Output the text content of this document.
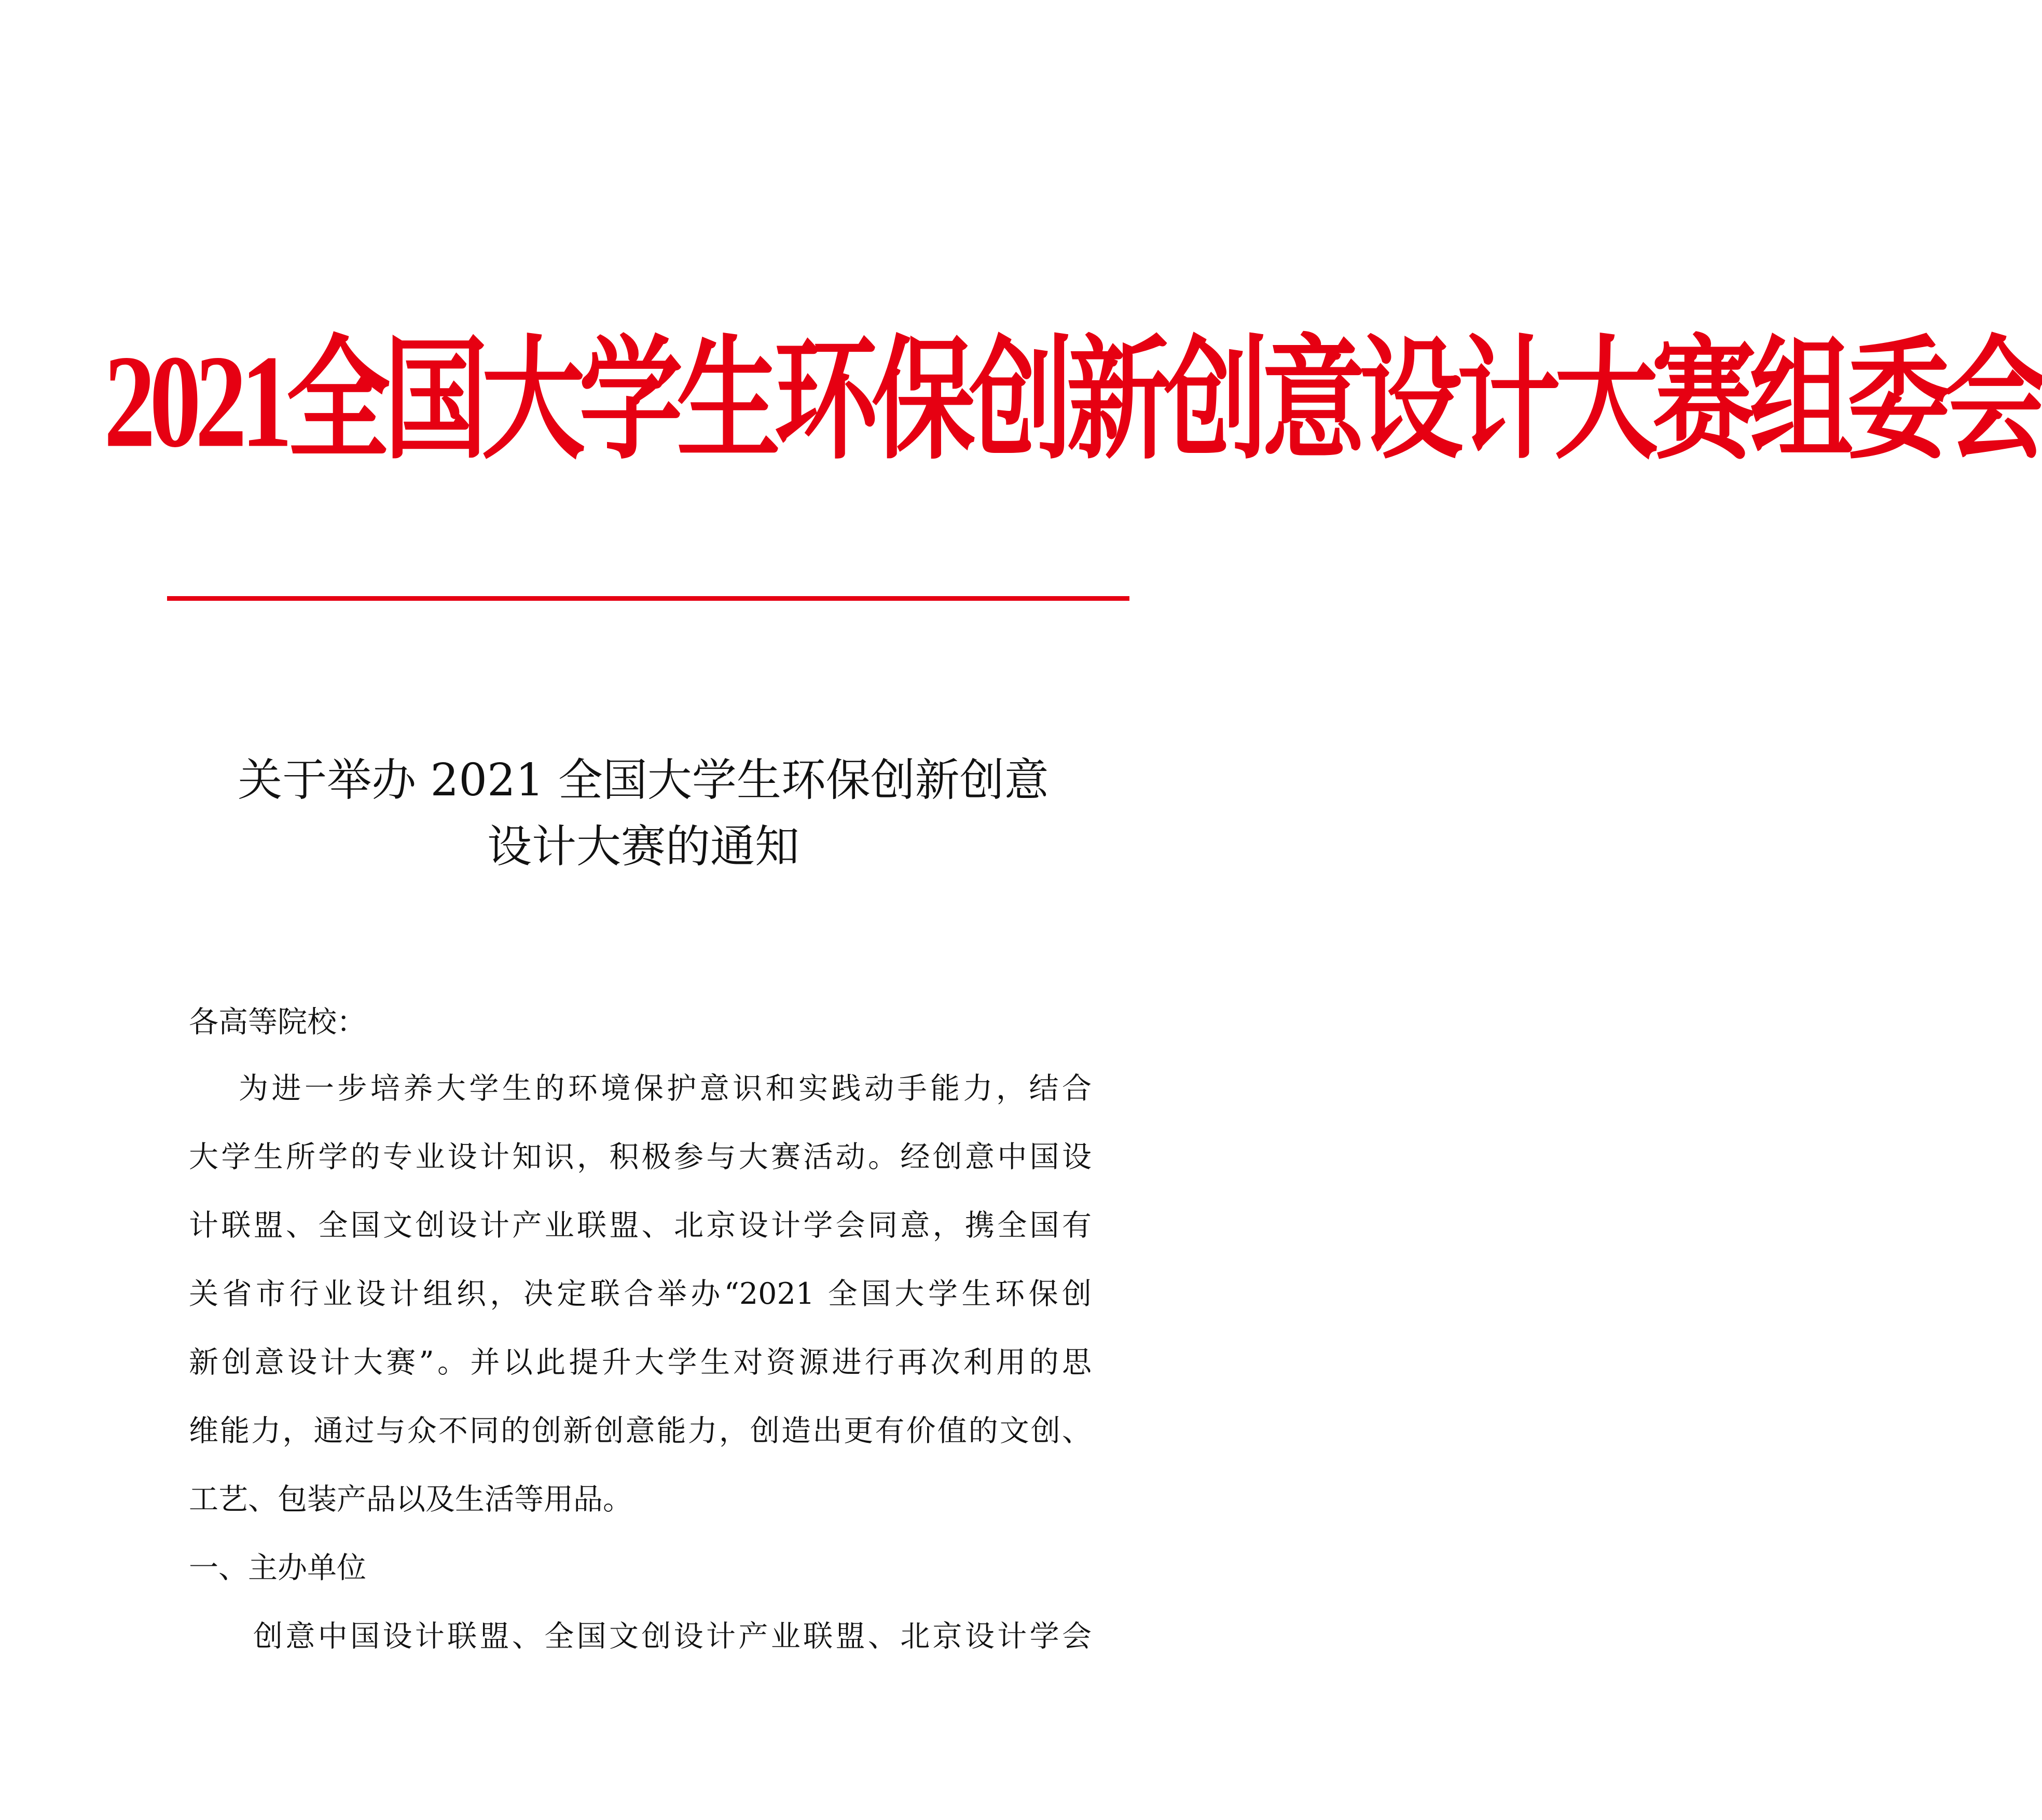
2021全国大学生环保创新创意设计大赛组委会
关于举办 2021 全国大学生环保创新创意
设计大赛的通知
各高等院校：
为进一步培养大学生的环境保护意识和实践动手能力，结合
大学生所学的专业设计知识，积极参与大赛活动。经创意中国设
计联盟、全国文创设计产业联盟、北京设计学会同意，携全国有
关省市行业设计组织，决定联合举办“2021 全国大学生环保创
新创意设计大赛”。并以此提升大学生对资源进行再次利用的思
维能力，通过与众不同的创新创意能力，创造出更有价值的文创、
工艺、包装产品以及生活等用品。
一、主办单位
创意中国设计联盟、全国文创设计产业联盟、北京设计学会
